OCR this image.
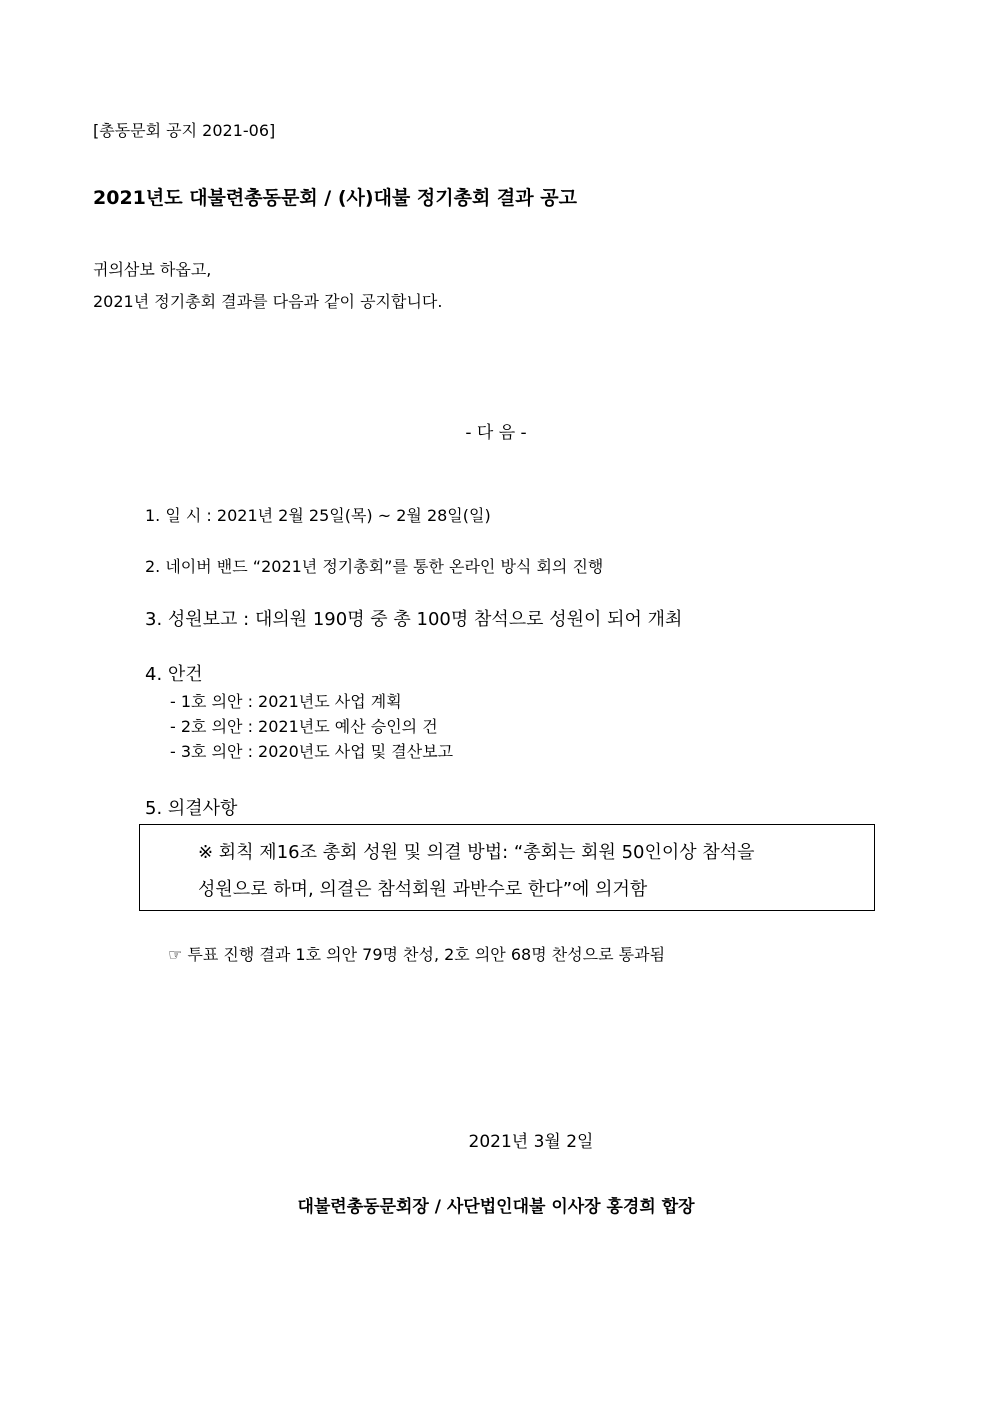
[총동문회 공지 2021-06]
2021년도 대불련총동문회 / (사)대불 정기총회 결과 공고
귀의삼보 하옵고,
2021년 정기총회 결과를 다음과 같이 공지합니다.
- 다 음 -
1. 일 시 : 2021년 2월 25일(목) ~ 2월 28일(일)
2. 네이버 밴드 “2021년 정기총회”를 통한 온라인 방식 회의 진행
3. 성원보고 : 대의원 190명 중 총 100명 참석으로 성원이 되어 개최
4. 안건
- 1호 의안 : 2021년도 사업 계획
- 2호 의안 : 2021년도 예산 승인의 건
- 3호 의안 : 2020년도 사업 및 결산보고
5. 의결사항
※ 회칙 제16조 총회 성원 및 의결 방법: “총회는 회원 50인이상 참석을
성원으로 하며, 의결은 참석회원 과반수로 한다”에 의거함
☞ 투표 진행 결과 1호 의안 79명 찬성, 2호 의안 68명 찬성으로 통과됨
2021년 3월 2일
대불련총동문회장 / 사단법인대불 이사장 홍경희 합장
